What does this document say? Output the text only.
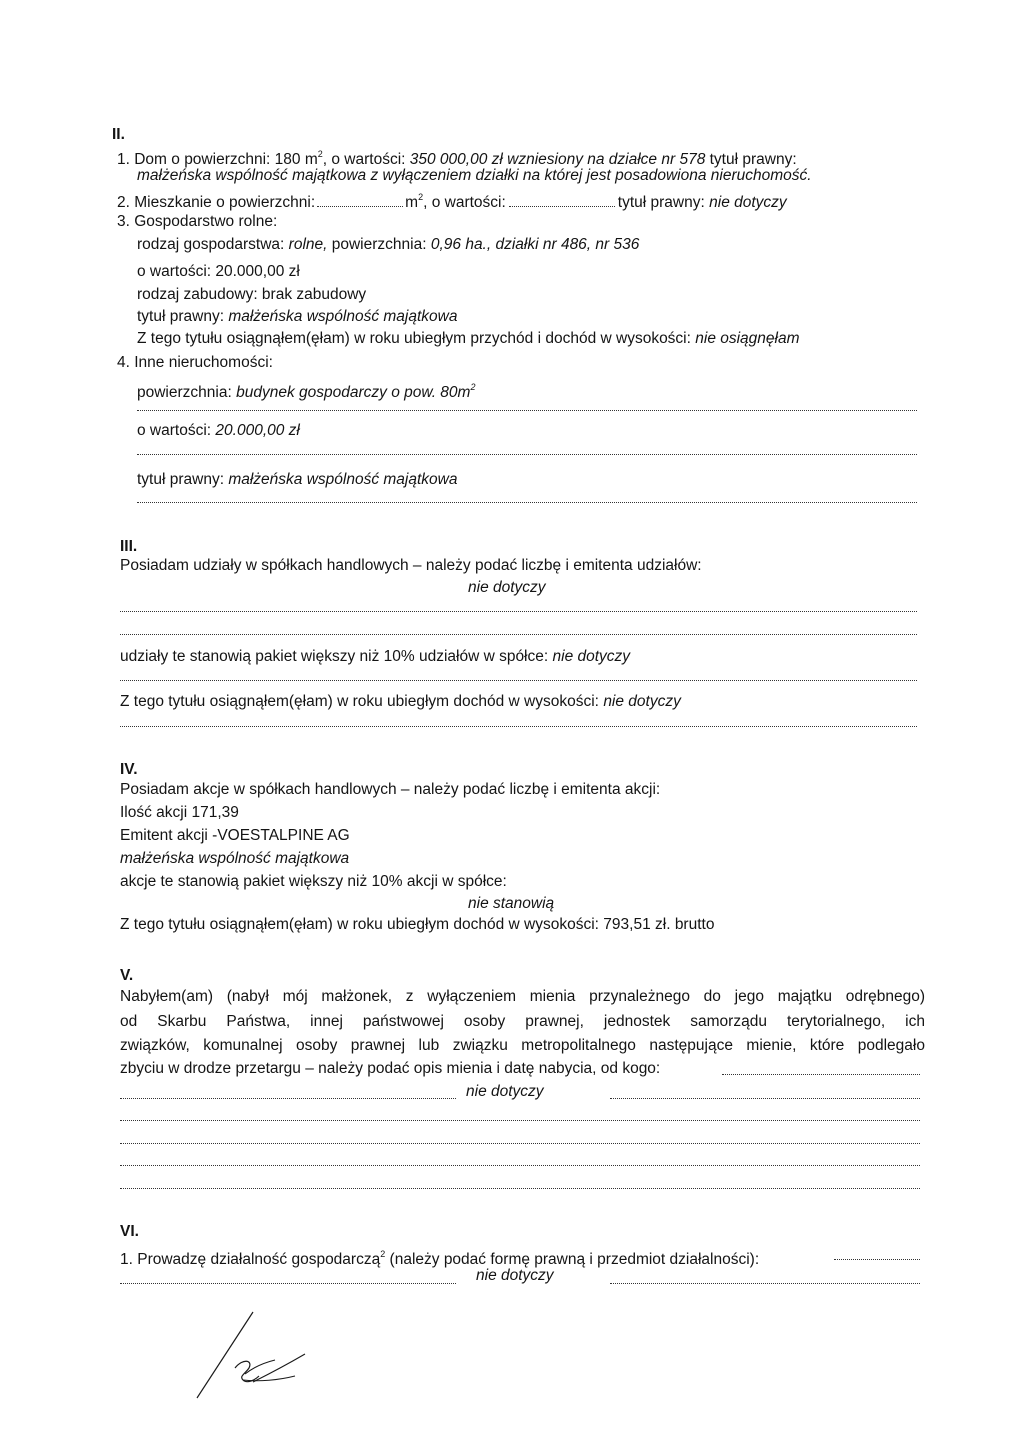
II.
1. Dom o powierzchni: 180 $m^2$, o wartości: 350 000,00 zł wzniesiony na działce nr 578 tytuł prawny:
małżeńska wspólność majątkowa z wyłączeniem działki na której jest posadowiona nieruchomość.
2. Mieszkanie o powierzchni:	$m^2$, o wartości:	tytuł prawny: nie dotyczy
3. Gospodarstwo rolne:
rodzaj gospodarstwa: rolne, powierzchnia: 0,96 ha., działki nr 486, nr 536
o wartości: 20.000,00 zł
rodzaj zabudowy: brak zabudowy
tytuł prawny: małżeńska wspólność majątkowa
Z tego tytułu osiągnąłem(ęłam) w roku ubiegłym przychód i dochód w wysokości: nie osiągnęłam
4. Inne nieruchomości:
powierzchnia: budynek gospodarczy o pow. $80m^2$
o wartości: 20.000,00 zł
tytuł prawny: małżeńska wspólność majątkowa
III.
Posiadam udziały w spółkach handlowych – należy podać liczbę i emitenta udziałów:
nie dotyczy
udziały te stanowią pakiet większy niż 10% udziałów w spółce: nie dotyczy
Z tego tytułu osiągnąłem(ęłam) w roku ubiegłym dochód w wysokości: nie dotyczy
IV.
Posiadam akcje w spółkach handlowych – należy podać liczbę i emitenta akcji:
Ilość akcji 171,39
Emitent akcji -VOESTALPINE AG
małżeńska wspólność majątkowa
akcje te stanowią pakiet większy niż 10% akcji w spółce:
nie stanowią
Z tego tytułu osiągnąłem(ęłam) w roku ubiegłym dochód w wysokości: 793,51 zł. brutto
V.
Nabyłem(am) (nabył mój małżonek, z wyłączeniem mienia przynależnego do jego majątku odrębnego)
od Skarbu Państwa, innej państwowej osoby prawnej, jednostek samorządu terytorialnego, ich
związków, komunalnej osoby prawnej lub związku metropolitalnego następujące mienie, które podlegało
zbyciu w drodze przetargu – należy podać opis mienia i datę nabycia, od kogo:
nie dotyczy
VI.
1. Prowadzę działalność gospodarczą$^2$ (należy podać formę prawną i przedmiot działalności):
nie dotyczy
